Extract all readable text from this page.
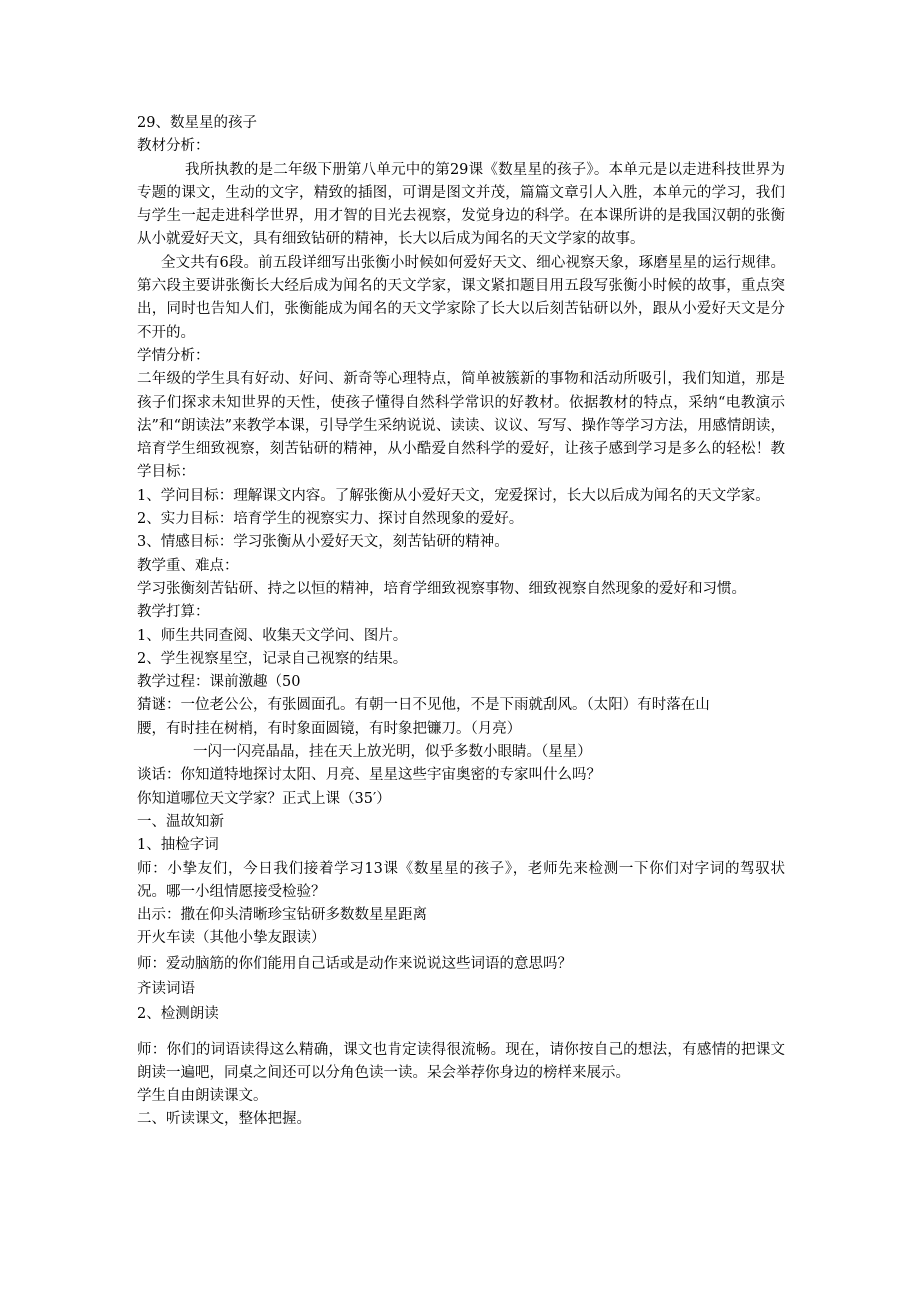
29、数星星的孩子
教材分析：
我所执教的是二年级下册第八单元中的第29课《数星星的孩子》。本单元是以走进科技世界为专题的课文，生动的文字，精致的插图，可谓是图文并茂，篇篇文章引人入胜，本单元的学习，我们与学生一起走进科学世界，用才智的目光去视察，发觉身边的科学。在本课所讲的是我国汉朝的张衡从小就爱好天文，具有细致钻研的精神，长大以后成为闻名的天文学家的故事。
全文共有6段。前五段详细写出张衡小时候如何爱好天文、细心视察天象，琢磨星星的运行规律。第六段主要讲张衡长大经后成为闻名的天文学家，课文紧扣题目用五段写张衡小时候的故事，重点突出，同时也告知人们，张衡能成为闻名的天文学家除了长大以后刻苦钻研以外，跟从小爱好天文是分不开的。
学情分析：
二年级的学生具有好动、好问、新奇等心理特点，简单被簇新的事物和活动所吸引，我们知道，那是孩子们探求未知世界的天性，使孩子懂得自然科学常识的好教材。依据教材的特点，采纳“电教演示法”和“朗读法”来教学本课，引导学生采纳说说、读读、议议、写写、操作等学习方法，用感情朗读，培育学生细致视察，刻苦钻研的精神，从小酷爱自然科学的爱好，让孩子感到学习是多么的轻松！教学目标：
1、学问目标：理解课文内容。了解张衡从小爱好天文，宠爱探讨，长大以后成为闻名的天文学家。
2、实力目标：培育学生的视察实力、探讨自然现象的爱好。
3、情感目标：学习张衡从小爱好天文，刻苦钻研的精神。
教学重、难点：
学习张衡刻苦钻研、持之以恒的精神，培育学细致视察事物、细致视察自然现象的爱好和习惯。
教学打算：
1、师生共同查阅、收集天文学问、图片。
2、学生视察星空，记录自己视察的结果。
教学过程：课前激趣（50
猜谜：一位老公公，有张圆面孔。有朝一日不见他，不是下雨就刮风。（太阳）有时落在山
腰，有时挂在树梢，有时象面圆镜，有时象把镰刀。（月亮）
一闪一闪亮晶晶，挂在天上放光明，似乎多数小眼睛。（星星）
谈话：你知道特地探讨太阳、月亮、星星这些宇宙奥密的专家叫什么吗？
你知道哪位天文学家？正式上课（35′）
一、温故知新
1、抽检字词
师：小挚友们，今日我们接着学习13课《数星星的孩子》，老师先来检测一下你们对字词的驾驭状况。哪一小组情愿接受检验？
出示：撒在仰头清晰珍宝钻研多数数星星距离
开火车读（其他小挚友跟读）
师：爱动脑筋的你们能用自己话或是动作来说说这些词语的意思吗？
齐读词语
2、检测朗读
师：你们的词语读得这么精确，课文也肯定读得很流畅。现在，请你按自己的想法，有感情的把课文朗读一遍吧，同桌之间还可以分角色读一读。呆会举荐你身边的榜样来展示。
学生自由朗读课文。
二、听读课文，整体把握。
